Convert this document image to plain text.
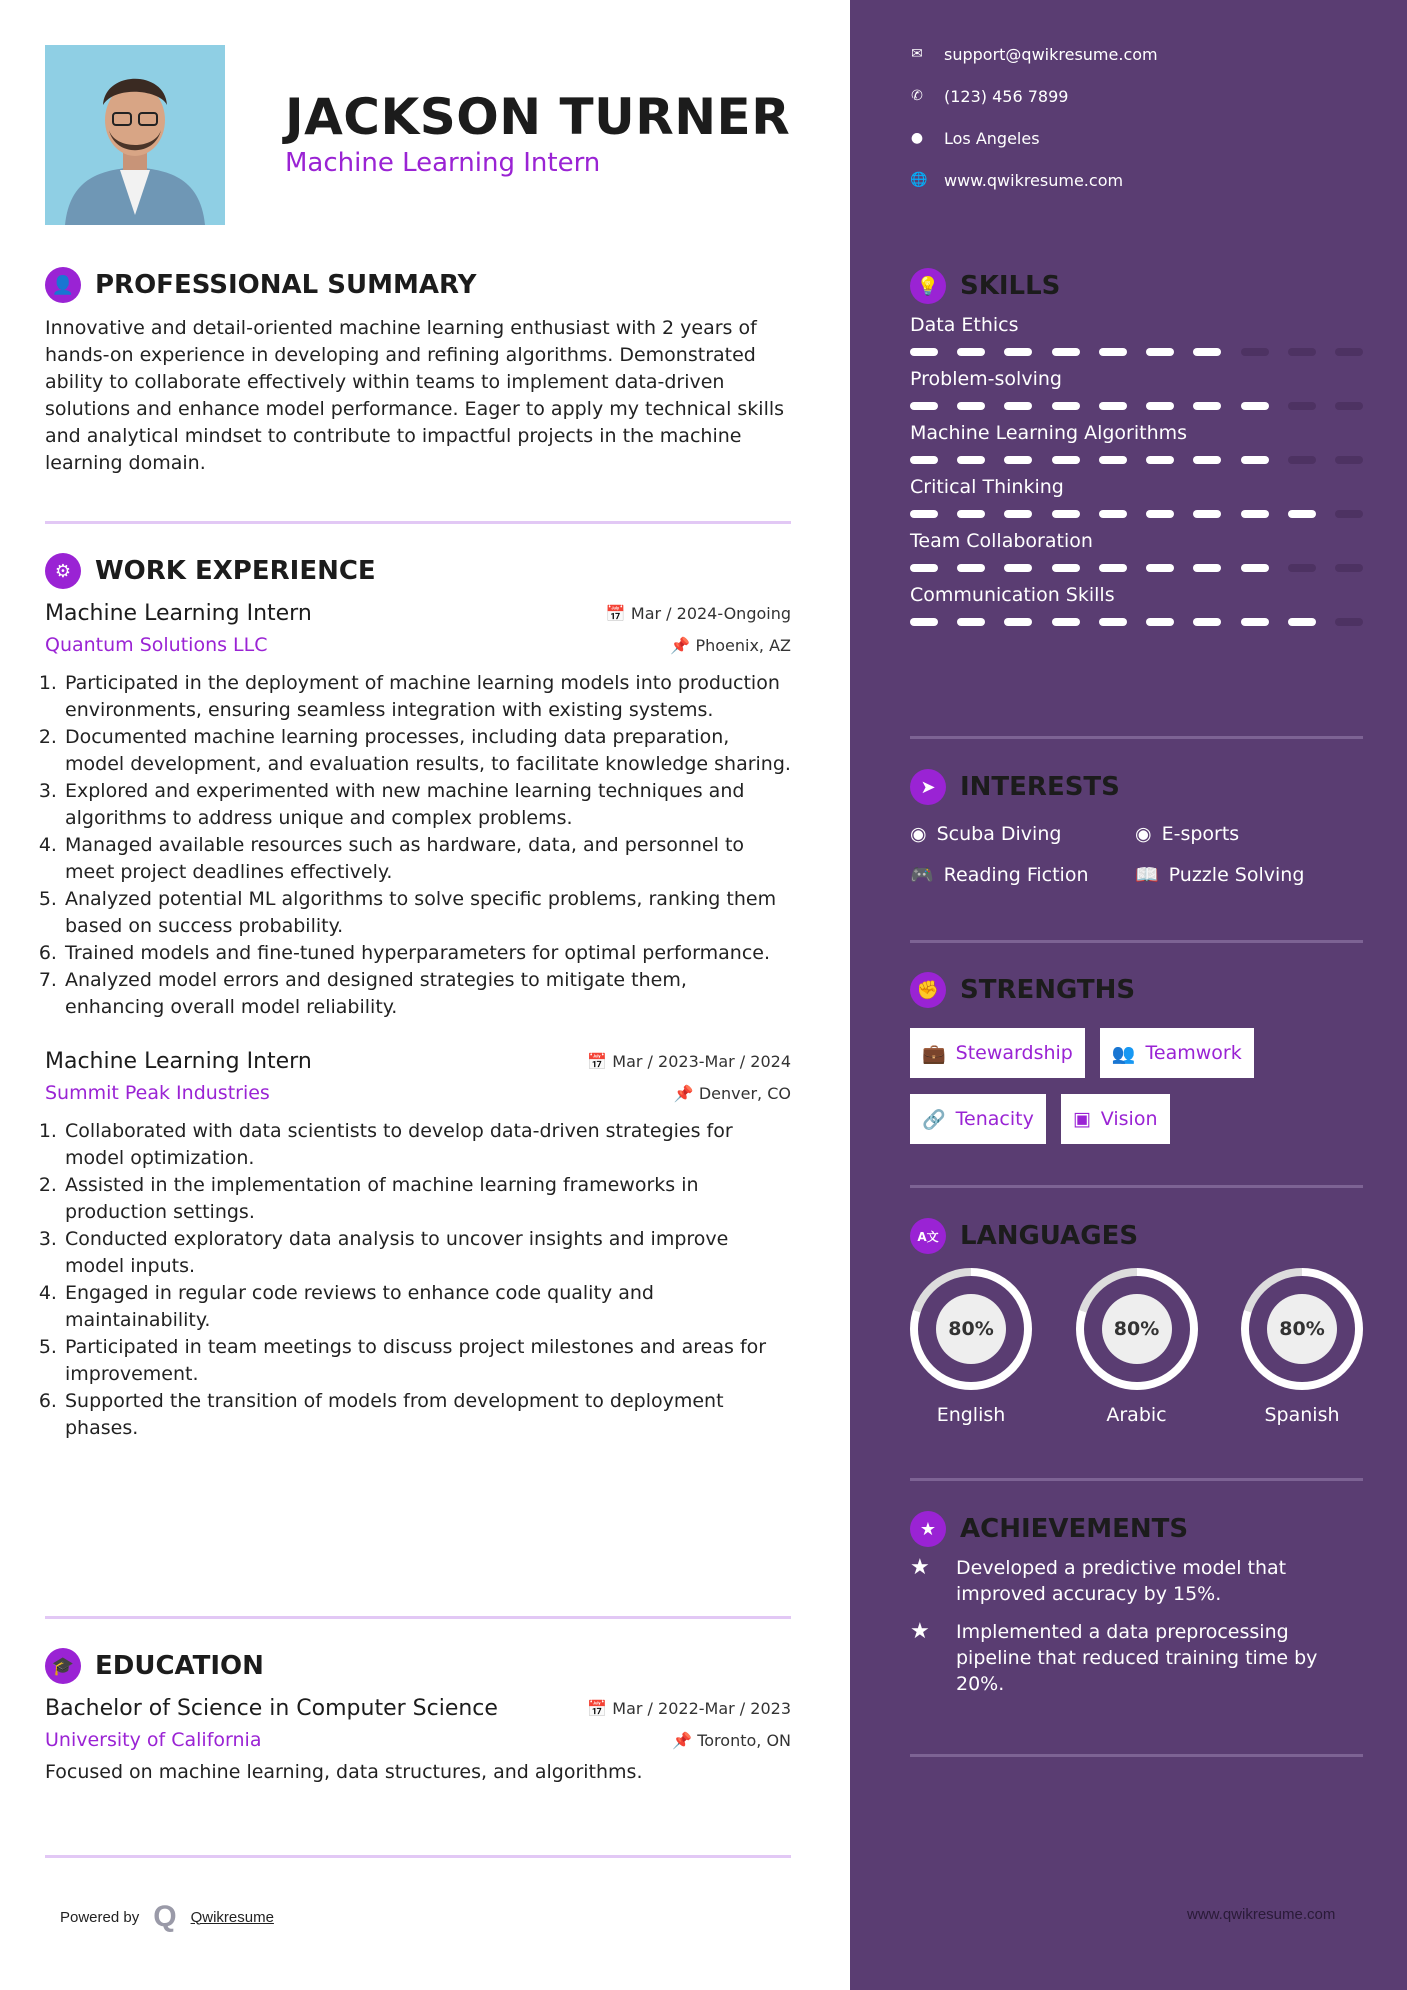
JACKSON TURNER
Machine Learning Intern
👤 PROFESSIONAL SUMMARY

Innovative and detail-oriented machine learning enthusiast with 2 years of hands-on experience in developing and refining algorithms. Demonstrated ability to collaborate effectively within teams to implement data-driven solutions and enhance model performance. Eager to apply my technical skills and analytical mindset to contribute to impactful projects in the machine learning domain.

⚙ WORK EXPERIENCE
Machine Learning Intern	📅 Mar / 2024-Ongoing
Quantum Solutions LLC	📌 Phoenix, AZ
1. Participated in the deployment of machine learning models into production environments, ensuring seamless integration with existing systems.
2. Documented machine learning processes, including data preparation, model development, and evaluation results, to facilitate knowledge sharing.
3. Explored and experimented with new machine learning techniques and algorithms to address unique and complex problems.
4. Managed available resources such as hardware, data, and personnel to meet project deadlines effectively.
5. Analyzed potential ML algorithms to solve specific problems, ranking them based on success probability.
6. Trained models and fine-tuned hyperparameters for optimal performance.
7. Analyzed model errors and designed strategies to mitigate them, enhancing overall model reliability.
Machine Learning Intern	📅 Mar / 2023-Mar / 2024
Summit Peak Industries	📌 Denver, CO
1. Collaborated with data scientists to develop data-driven strategies for model optimization.
2. Assisted in the implementation of machine learning frameworks in production settings.
3. Conducted exploratory data analysis to uncover insights and improve model inputs.
4. Engaged in regular code reviews to enhance code quality and maintainability.
5. Participated in team meetings to discuss project milestones and areas for improvement.
6. Supported the transition of models from development to deployment phases.
🎓 EDUCATION
Bachelor of Science in Computer Science	📅 Mar / 2022-Mar / 2023
University of California	📌 Toronto, ON

Focused on machine learning, data structures, and algorithms.

Powered by Q Qwikresume
✉ support@qwikresume.com
✆ (123) 456 7899
● Los Angeles
🌐 www.qwikresume.com
💡 SKILLS
Data Ethics
Problem-solving
Machine Learning Algorithms
Critical Thinking
Team Collaboration
Communication Skills
➤ INTERESTS
◉ Scuba Diving	◉ E-sports
🎮 Reading Fiction	📖 Puzzle Solving
✊ STRENGTHS
💼 Stewardship 👥 Teamwork
🔗 Tenacity ▣ Vision
A文 LANGUAGES
80%
English
80%
Arabic
80%
Spanish
★ ACHIEVEMENTS
★	Developed a predictive model that improved accuracy by 15%.
★	Implemented a data preprocessing pipeline that reduced training time by 20%.
www.qwikresume.com
